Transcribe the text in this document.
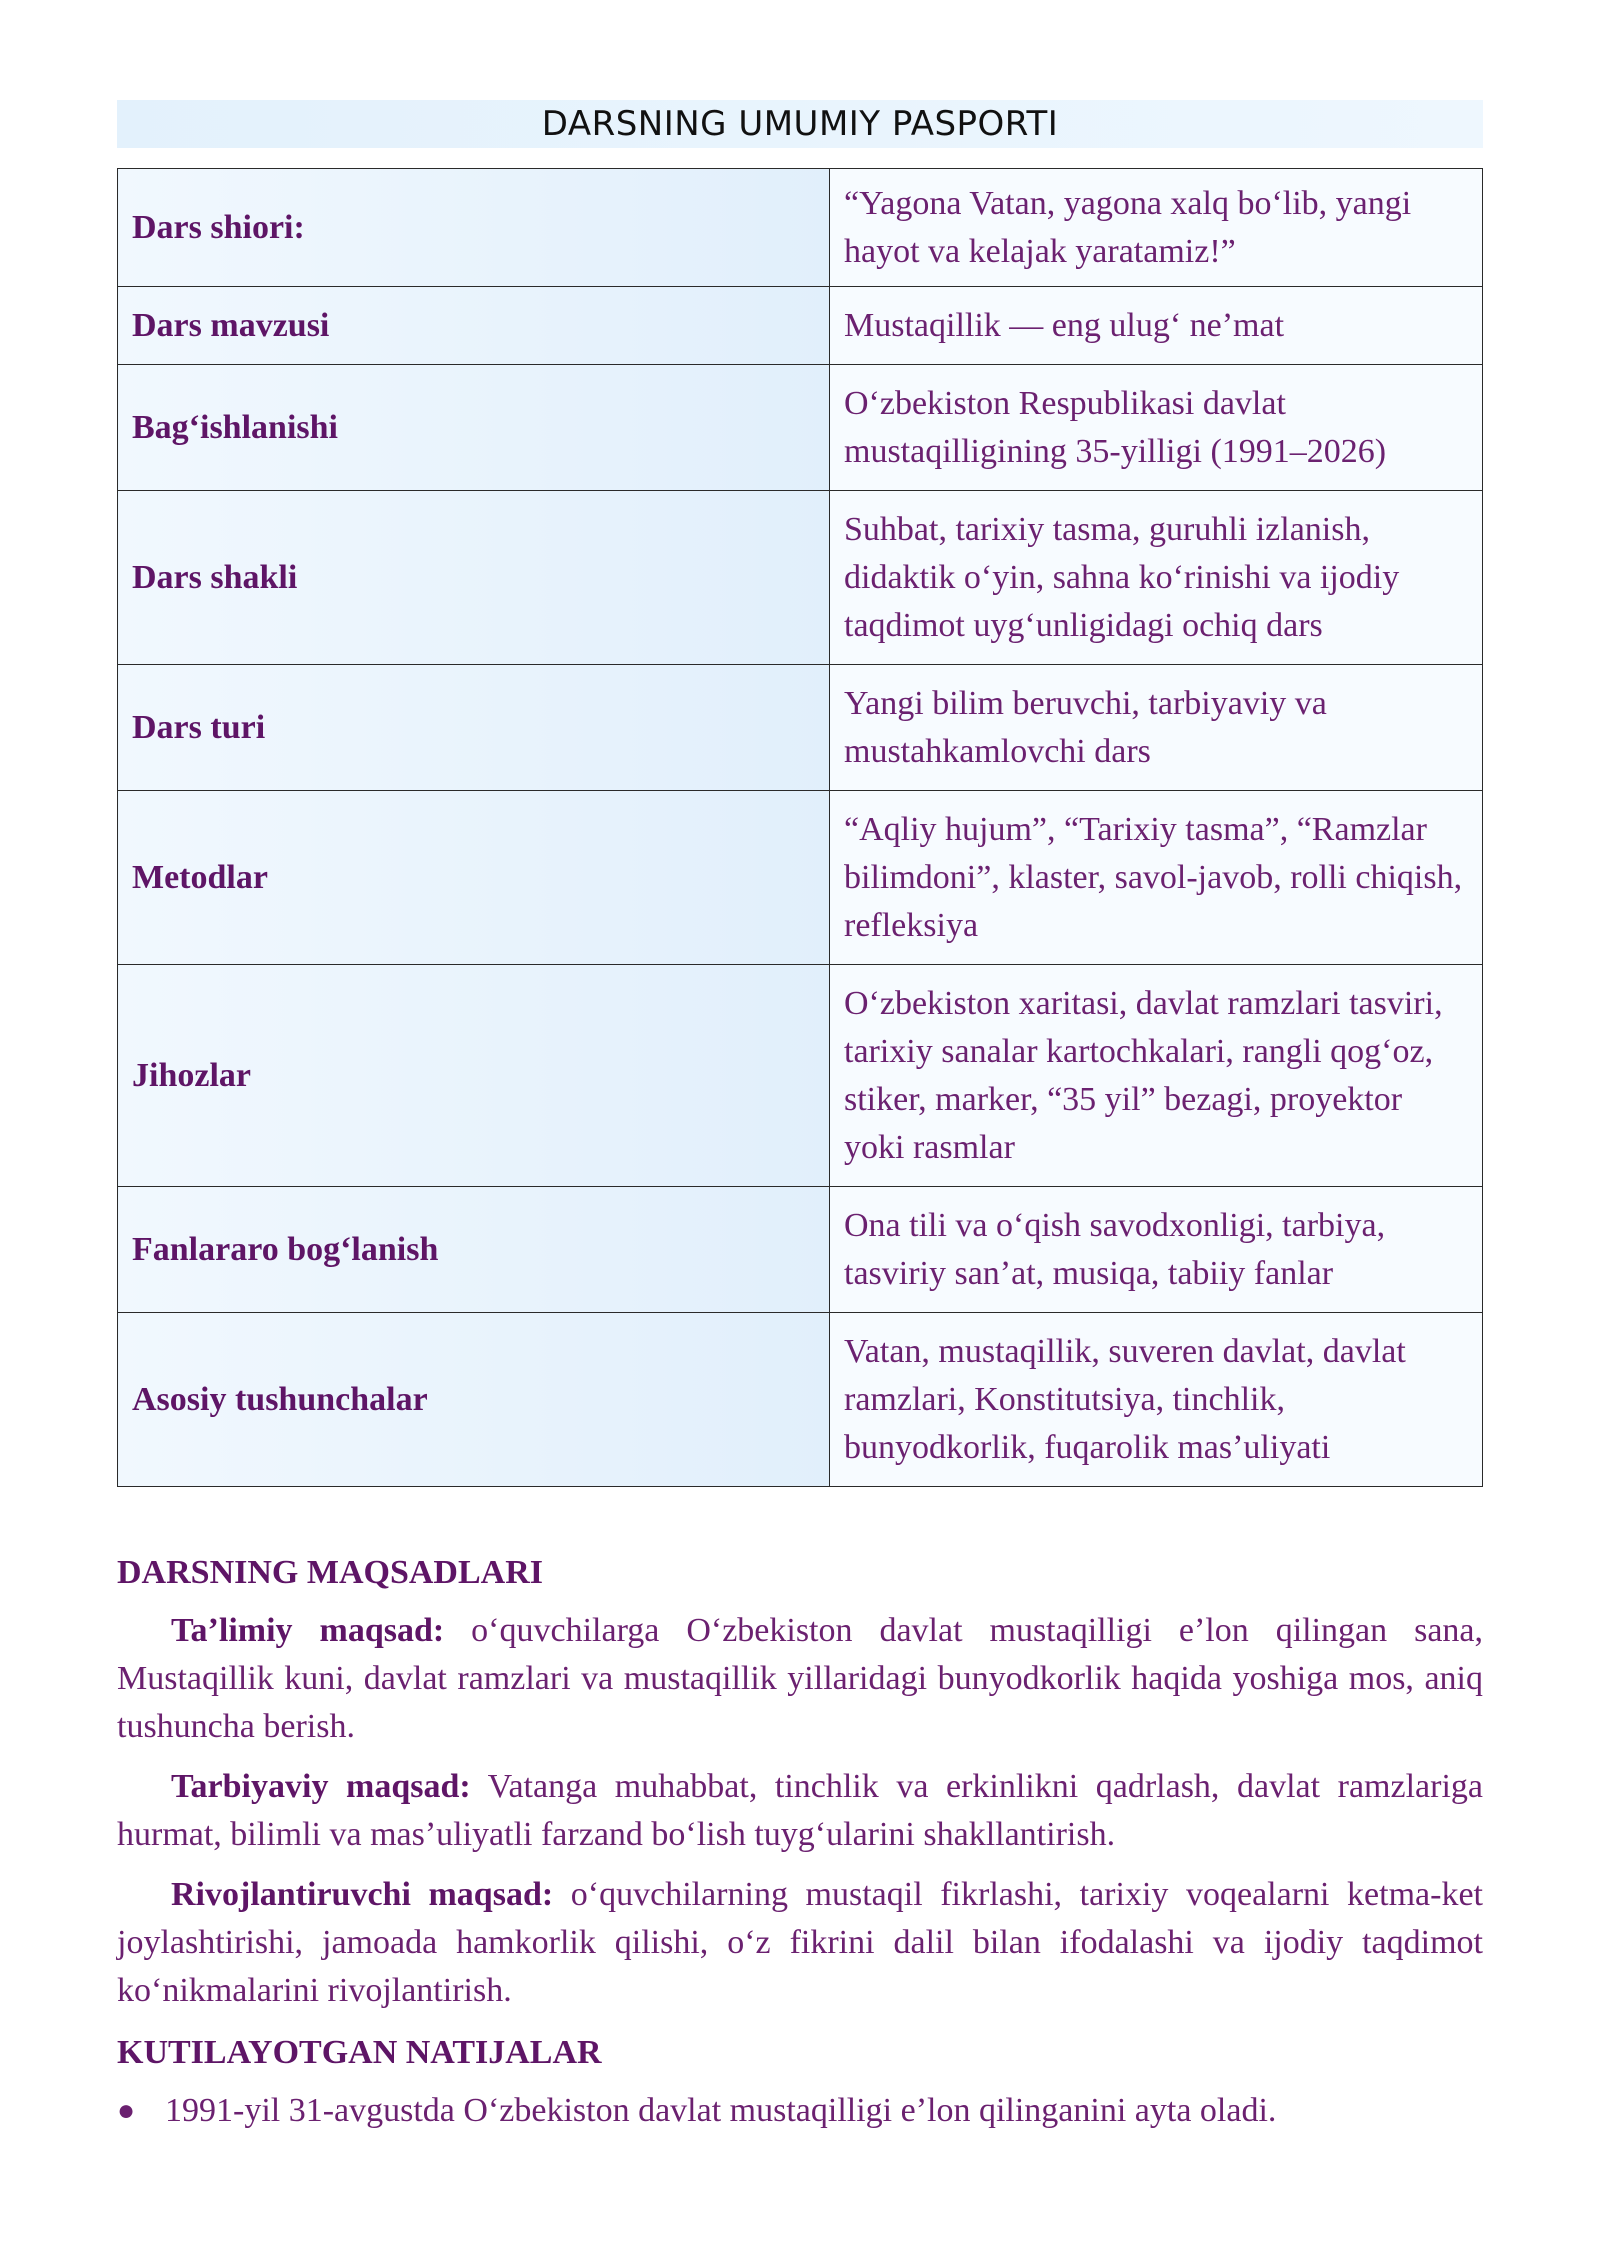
DARSNING UMUMIY PASPORTI
Dars shiori:	“Yagona Vatan, yagona xalq boʻlib, yangi hayot va kelajak yaratamiz!”
Dars mavzusi	Mustaqillik — eng ulugʻ neʼmat
Bagʻishlanishi	Oʻzbekiston Respublikasi davlat mustaqilligining 35-yilligi (1991–2026)
Dars shakli	Suhbat, tarixiy tasma, guruhli izlanish, didaktik oʻyin, sahna koʻrinishi va ijodiy taqdimot uygʻunligidagi ochiq dars
Dars turi	Yangi bilim beruvchi, tarbiyaviy va mustahkamlovchi dars
Metodlar	“Aqliy hujum”, “Tarixiy tasma”, “Ramzlar bilimdoni”, klaster, savol-javob, rolli chiqish, refleksiya
Jihozlar	Oʻzbekiston xaritasi, davlat ramzlari tasviri, tarixiy sanalar kartochkalari, rangli qogʻoz, stiker, marker, “35 yil” bezagi, proyektor yoki rasmlar
Fanlararo bogʻlanish	Ona tili va oʻqish savodxonligi, tarbiya, tasviriy sanʼat, musiqa, tabiiy fanlar
Asosiy tushunchalar	Vatan, mustaqillik, suveren davlat, davlat ramzlari, Konstitutsiya, tinchlik, bunyodkorlik, fuqarolik masʼuliyati

DARSNING MAQSADLARI

Taʼlimiy maqsad: oʻquvchilarga Oʻzbekiston davlat mustaqilligi eʼlon qilingan sana, Mustaqillik kuni, davlat ramzlari va mustaqillik yillaridagi bunyodkorlik haqida yoshiga mos, aniq tushuncha berish.

Tarbiyaviy maqsad: Vatanga muhabbat, tinchlik va erkinlikni qadrlash, davlat ramzlariga hurmat, bilimli va masʼuliyatli farzand boʻlish tuygʻularini shakllantirish.

Rivojlantiruvchi maqsad: oʻquvchilarning mustaqil fikrlashi, tarixiy voqealarni ketma-ket joylashtirishi, jamoada hamkorlik qilishi, oʻz fikrini dalil bilan ifodalashi va ijodiy taqdimot koʻnikmalarini rivojlantirish.

KUTILAYOTGAN NATIJALAR

● 1991-yil 31-avgustda Oʻzbekiston davlat mustaqilligi eʼlon qilinganini ayta oladi.
